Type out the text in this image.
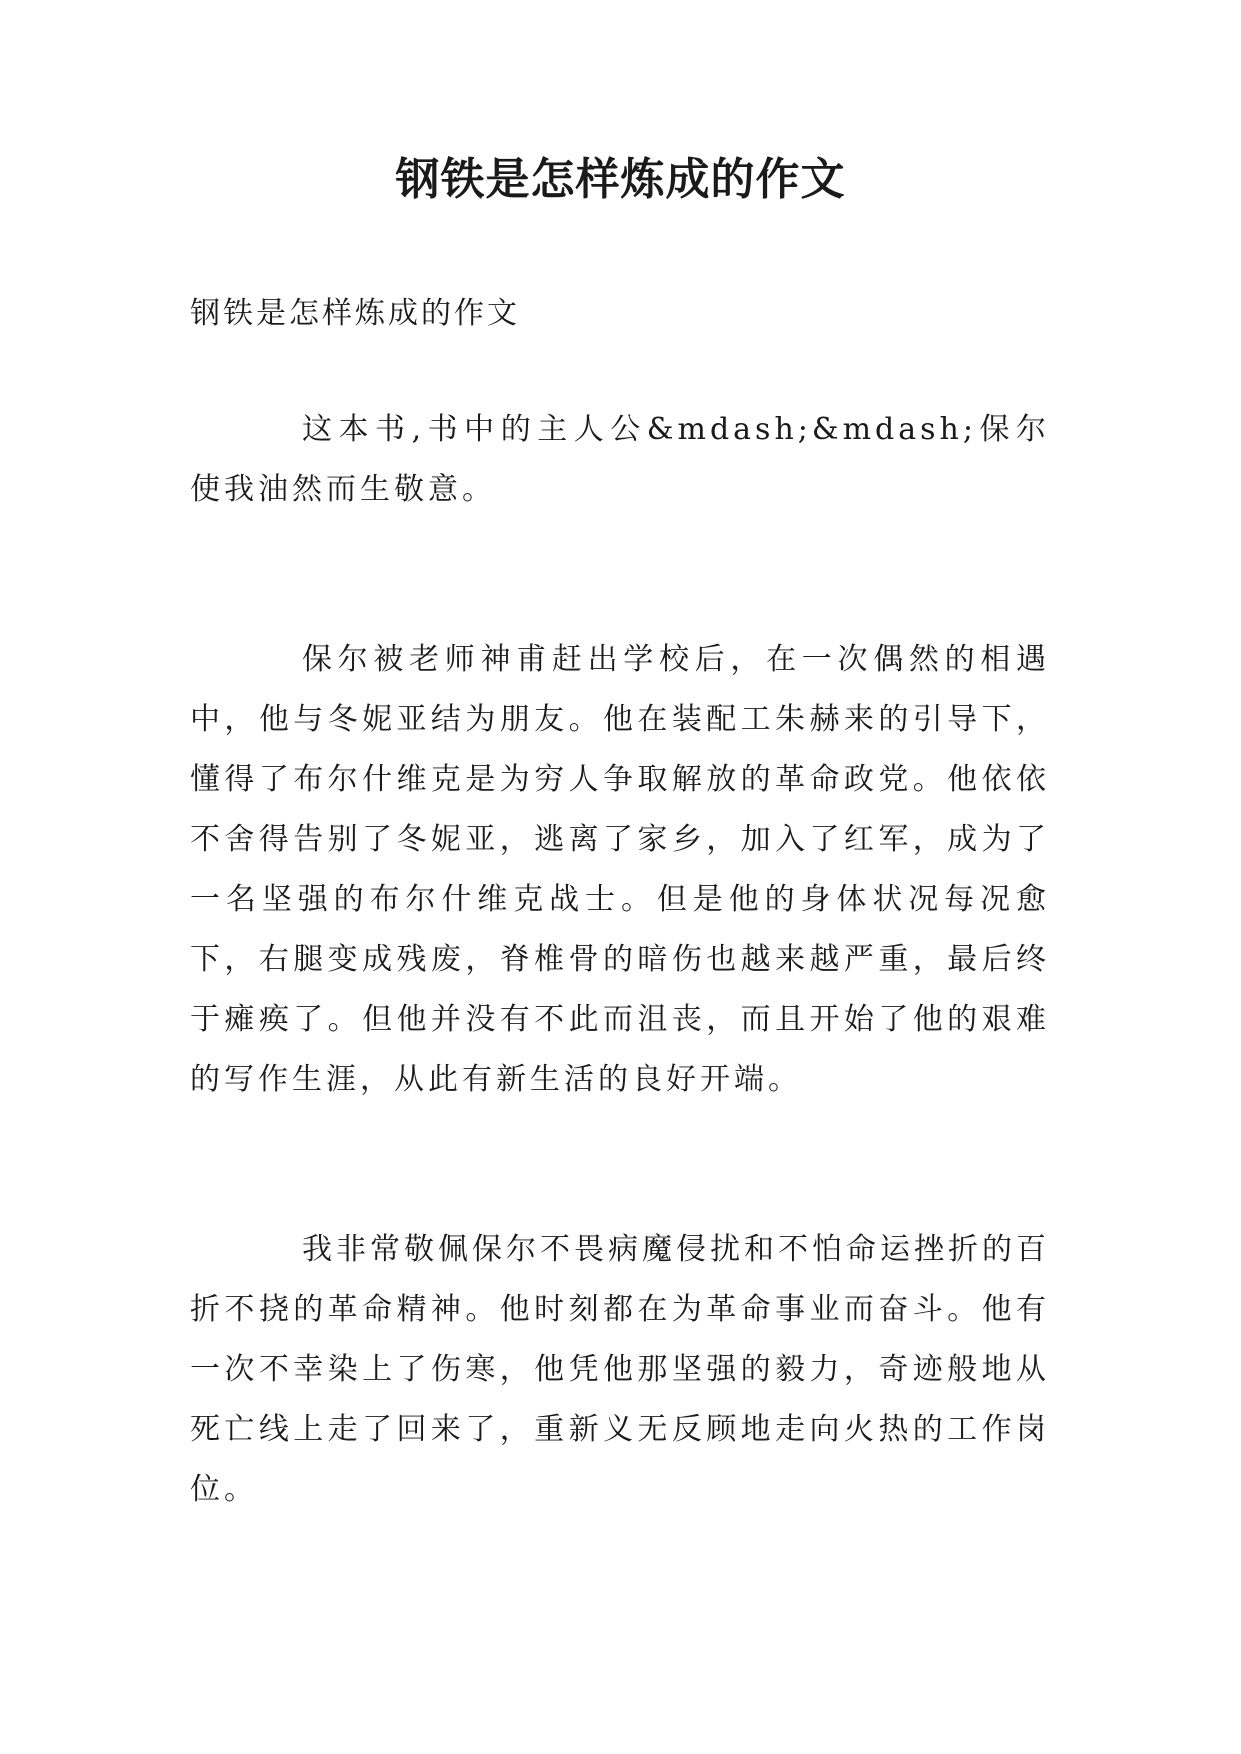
钢铁是怎样炼成的作文

钢铁是怎样炼成的作文

这本书,书中的主人公&mdash;&mdash;保尔使我油然而生敬意。

保尔被老师神甫赶出学校后，在一次偶然的相遇中，他与冬妮亚结为朋友。他在装配工朱赫来的引导下，懂得了布尔什维克是为穷人争取解放的革命政党。他依依不舍得告别了冬妮亚，逃离了家乡，加入了红军，成为了一名坚强的布尔什维克战士。但是他的身体状况每况愈下，右腿变成残废，脊椎骨的暗伤也越来越严重，最后终于瘫痪了。但他并没有不此而沮丧，而且开始了他的艰难的写作生涯，从此有新生活的良好开端。

我非常敬佩保尔不畏病魔侵扰和不怕命运挫折的百折不挠的革命精神。他时刻都在为革命事业而奋斗。他有一次不幸染上了伤寒，他凭他那坚强的毅力，奇迹般地从死亡线上走了回来了，重新义无反顾地走向火热的工作岗位。
